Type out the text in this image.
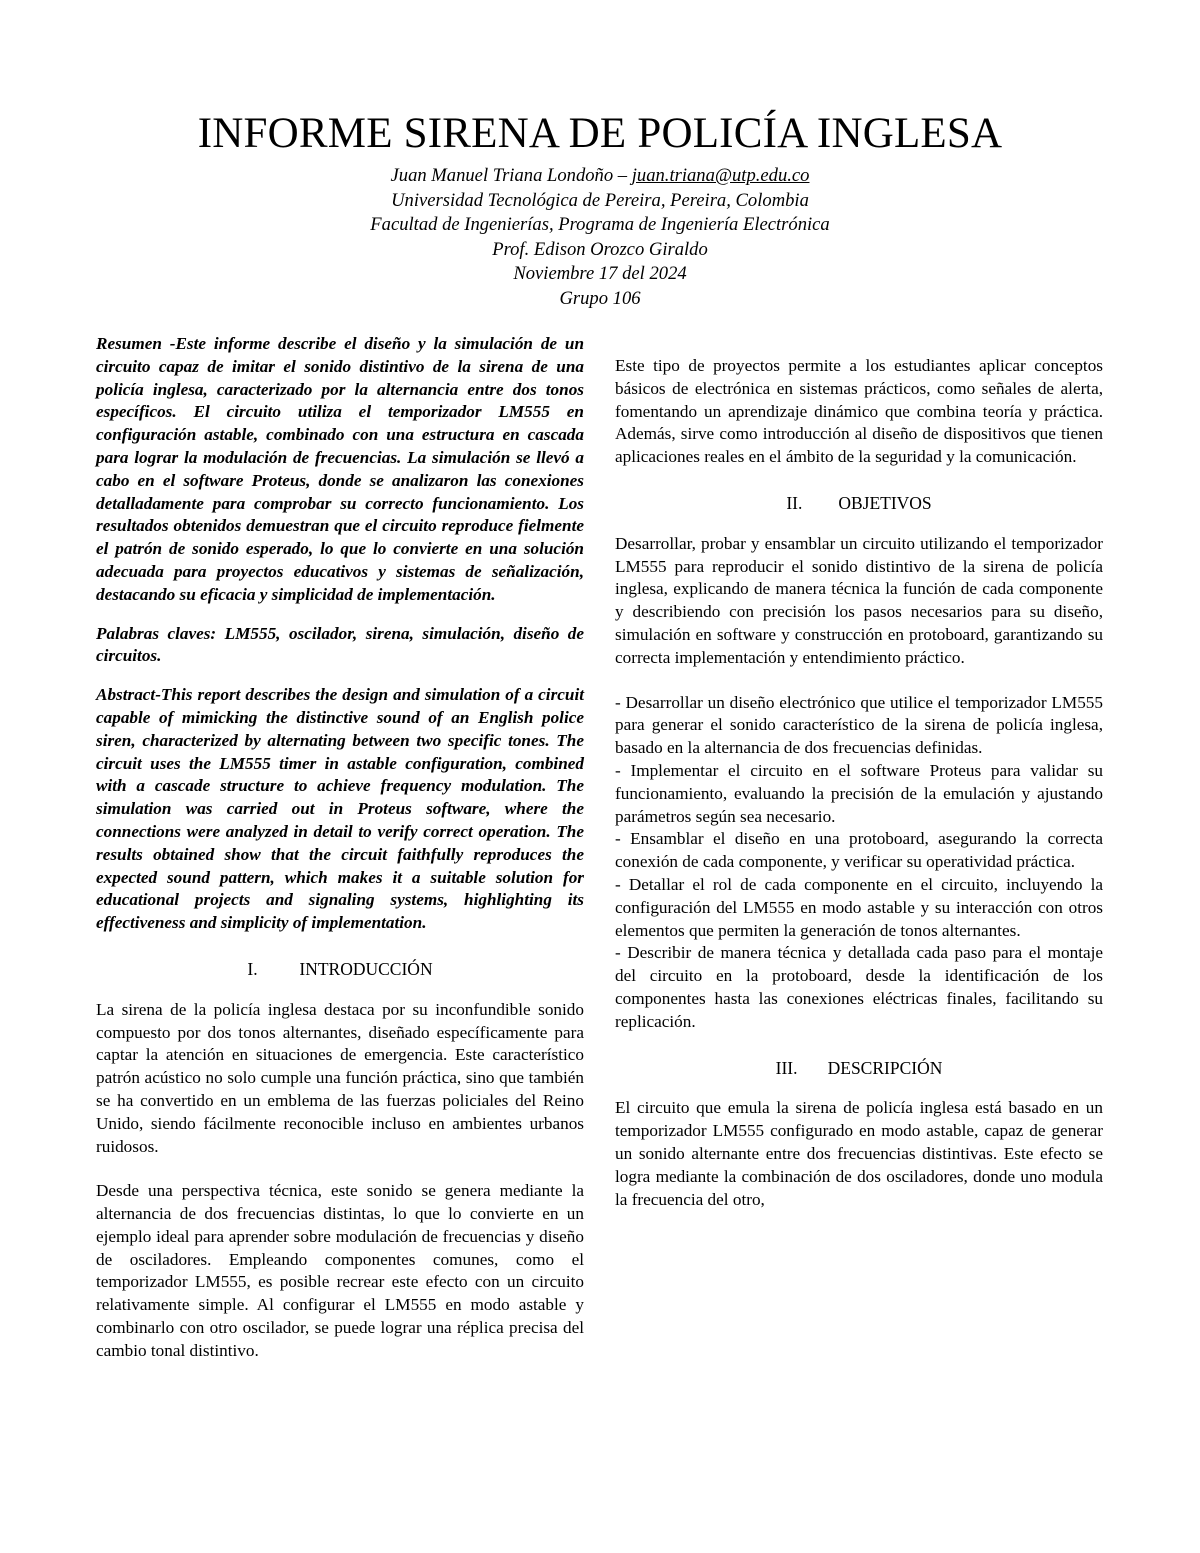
INFORME SIRENA DE POLICÍA INGLESA
Juan Manuel Triana Londoño – juan.triana@utp.edu.co
Universidad Tecnológica de Pereira, Pereira, Colombia
Facultad de Ingenierías, Programa de Ingeniería Electrónica
Prof. Edison Orozco Giraldo
Noviembre 17 del 2024
Grupo 106

Resumen -Este informe describe el diseño y la simulación de un circuito capaz de imitar el sonido distintivo de la sirena de una policía inglesa, caracterizado por la alternancia entre dos tonos específicos. El circuito utiliza el temporizador LM555 en configuración astable, combinado con una estructura en cascada para lograr la modulación de frecuencias. La simulación se llevó a cabo en el software Proteus, donde se analizaron las conexiones detalladamente para comprobar su correcto funcionamiento. Los resultados obtenidos demuestran que el circuito reproduce fielmente el patrón de sonido esperado, lo que lo convierte en una solución adecuada para proyectos educativos y sistemas de señalización, destacando su eficacia y simplicidad de implementación.

Palabras claves: LM555, oscilador, sirena, simulación, diseño de circuitos.

Abstract-This report describes the design and simulation of a circuit capable of mimicking the distinctive sound of an English police siren, characterized by alternating between two specific tones. The circuit uses the LM555 timer in astable configuration, combined with a cascade structure to achieve frequency modulation. The simulation was carried out in Proteus software, where the connections were analyzed in detail to verify correct operation. The results obtained show that the circuit faithfully reproduces the expected sound pattern, which makes it a suitable solution for educational projects and signaling systems, highlighting its effectiveness and simplicity of implementation.

I.	INTRODUCCIÓN

La sirena de la policía inglesa destaca por su inconfundible sonido compuesto por dos tonos alternantes, diseñado específicamente para captar la atención en situaciones de emergencia. Este característico patrón acústico no solo cumple una función práctica, sino que también se ha convertido en un emblema de las fuerzas policiales del Reino Unido, siendo fácilmente reconocible incluso en ambientes urbanos ruidosos.

Desde una perspectiva técnica, este sonido se genera mediante la alternancia de dos frecuencias distintas, lo que lo convierte en un ejemplo ideal para aprender sobre modulación de frecuencias y diseño de osciladores. Empleando componentes comunes, como el temporizador LM555, es posible recrear este efecto con un circuito relativamente simple. Al configurar el LM555 en modo astable y combinarlo con otro oscilador, se puede lograr una réplica precisa del cambio tonal distintivo.

Este tipo de proyectos permite a los estudiantes aplicar conceptos básicos de electrónica en sistemas prácticos, como señales de alerta, fomentando un aprendizaje dinámico que combina teoría y práctica. Además, sirve como introducción al diseño de dispositivos que tienen aplicaciones reales en el ámbito de la seguridad y la comunicación.

II.	OBJETIVOS

Desarrollar, probar y ensamblar un circuito utilizando el temporizador LM555 para reproducir el sonido distintivo de la sirena de policía inglesa, explicando de manera técnica la función de cada componente y describiendo con precisión los pasos necesarios para su diseño, simulación en software y construcción en protoboard, garantizando su correcta implementación y entendimiento práctico.

- Desarrollar un diseño electrónico que utilice el temporizador LM555 para generar el sonido característico de la sirena de policía inglesa, basado en la alternancia de dos frecuencias definidas.

- Implementar el circuito en el software Proteus para validar su funcionamiento, evaluando la precisión de la emulación y ajustando parámetros según sea necesario.

- Ensamblar el diseño en una protoboard, asegurando la correcta conexión de cada componente, y verificar su operatividad práctica.

- Detallar el rol de cada componente en el circuito, incluyendo la configuración del LM555 en modo astable y su interacción con otros elementos que permiten la generación de tonos alternantes.

- Describir de manera técnica y detallada cada paso para el montaje del circuito en la protoboard, desde la identificación de los componentes hasta las conexiones eléctricas finales, facilitando su replicación.

III.	DESCRIPCIÓN

El circuito que emula la sirena de policía inglesa está basado en un temporizador LM555 configurado en modo astable, capaz de generar un sonido alternante entre dos frecuencias distintivas. Este efecto se logra mediante la combinación de dos osciladores, donde uno modula la frecuencia del otro,
